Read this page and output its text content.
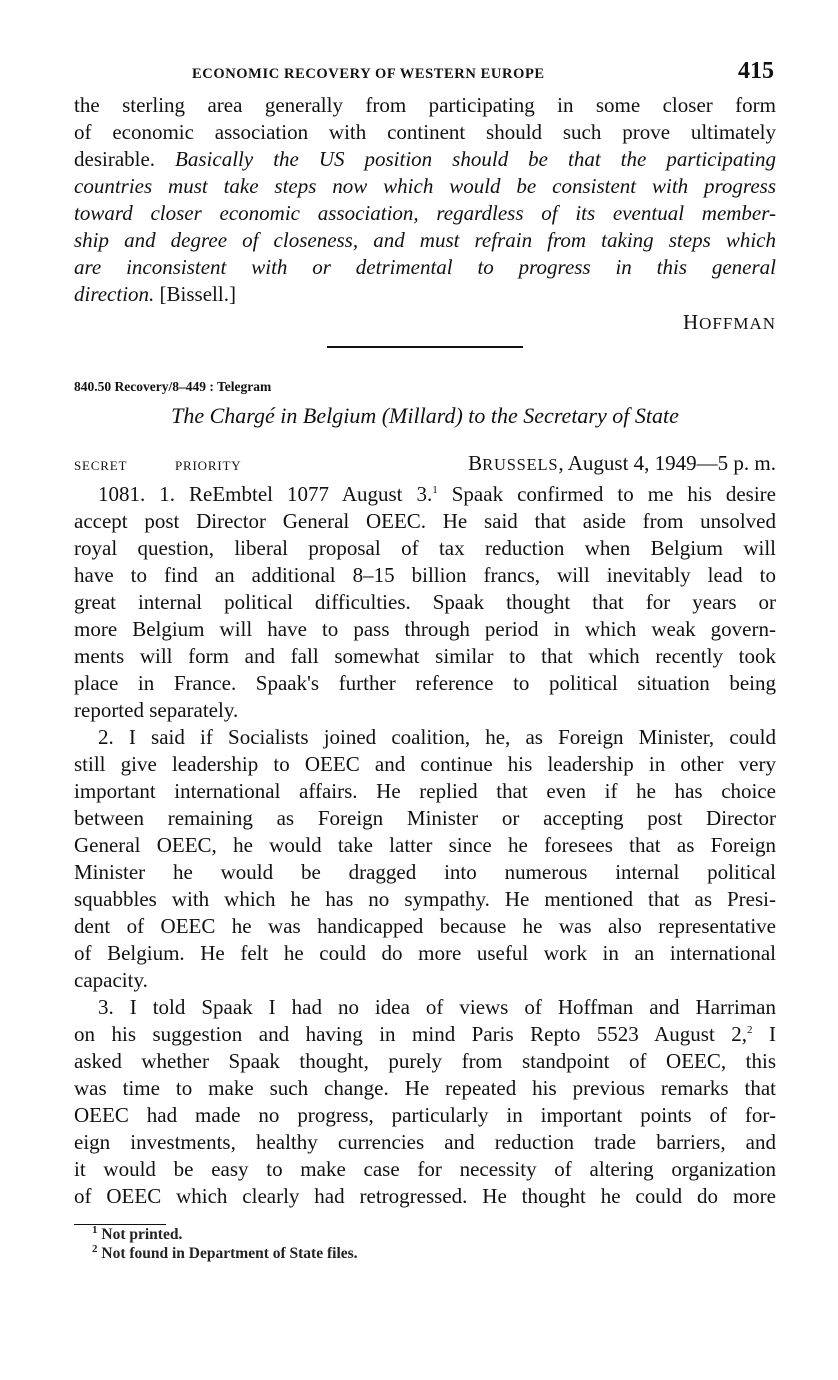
ECONOMIC RECOVERY OF WESTERN EUROPE	415
the sterling area generally from participating in some closer form
of economic association with continent should such prove ultimately
desirable. Basically the US position should be that the participating
countries must take steps now which would be consistent with progress
toward closer economic association, regardless of its eventual member-
ship and degree of closeness, and must refrain from taking steps which
are inconsistent with or detrimental to progress in this general
direction. [Bissell.]
HOFFMAN
840.50 Recovery/8–449 : Telegram
The Chargé in Belgium (Millard) to the Secretary of State
SECRET	PRIORITY	BRUSSELS, August 4, 1949—5 p. m.
1081. 1. ReEmbtel 1077 August 3.$^1$ Spaak confirmed to me his desire
accept post Director General OEEC. He said that aside from unsolved
royal question, liberal proposal of tax reduction when Belgium will
have to find an additional 8–15 billion francs, will inevitably lead to
great internal political difficulties. Spaak thought that for years or
more Belgium will have to pass through period in which weak govern-
ments will form and fall somewhat similar to that which recently took
place in France. Spaak's further reference to political situation being
reported separately.
2. I said if Socialists joined coalition, he, as Foreign Minister, could
still give leadership to OEEC and continue his leadership in other very
important international affairs. He replied that even if he has choice
between remaining as Foreign Minister or accepting post Director
General OEEC, he would take latter since he foresees that as Foreign
Minister he would be dragged into numerous internal political
squabbles with which he has no sympathy. He mentioned that as Presi-
dent of OEEC he was handicapped because he was also representative
of Belgium. He felt he could do more useful work in an international
capacity.
3. I told Spaak I had no idea of views of Hoffman and Harriman
on his suggestion and having in mind Paris Repto 5523 August 2,$^2$ I
asked whether Spaak thought, purely from standpoint of OEEC, this
was time to make such change. He repeated his previous remarks that
OEEC had made no progress, particularly in important points of for-
eign investments, healthy currencies and reduction trade barriers, and
it would be easy to make case for necessity of altering organization
of OEEC which clearly had retrogressed. He thought he could do more
$^1$ Not printed.
$^2$ Not found in Department of State files.
